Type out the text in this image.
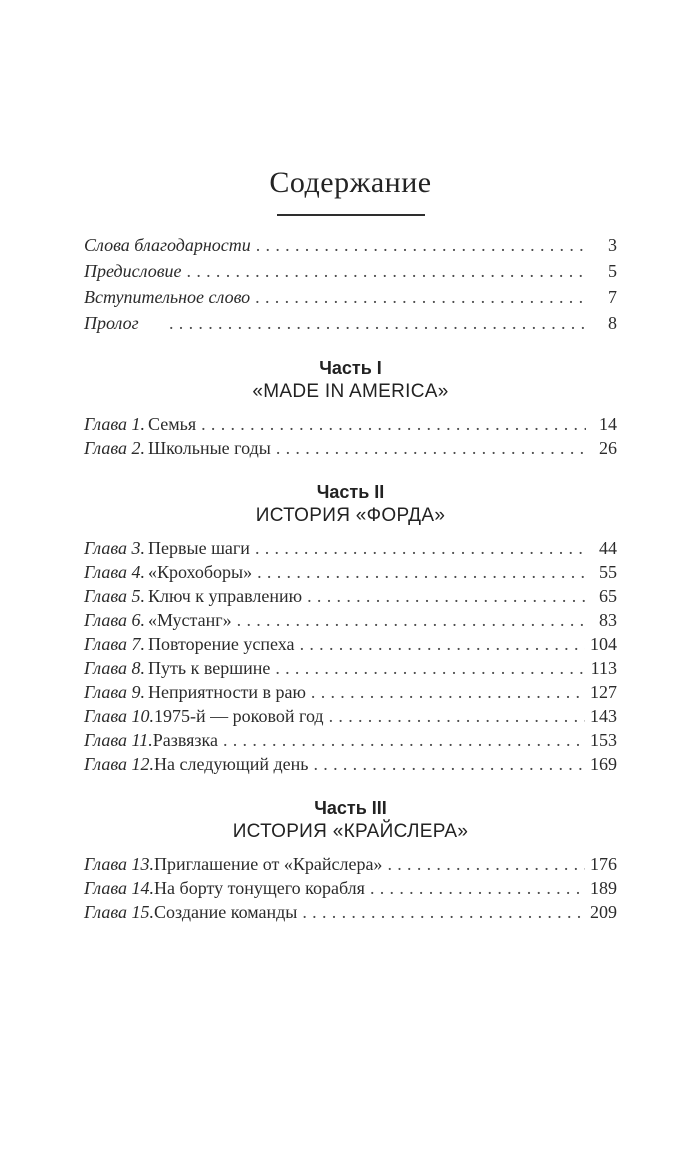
Содержание
Слова благодарности . . .	3
Предисловие . . .	5
Вступительное слово . . .	7
Пролог . . .	8
Часть I
«MADE IN AMERICA»
Глава 1. Семья . . .	14
Глава 2. Школьные годы . . .	26
Часть II
ИСТОРИЯ «ФОРДА»
Глава 3. Первые шаги . . .	44
Глава 4. «Крохоборы» . . .	55
Глава 5. Ключ к управлению . . .	65
Глава 6. «Мустанг» . . .	83
Глава 7. Повторение успеха . . .	104
Глава 8. Путь к вершине . . .	113
Глава 9. Неприятности в раю . . .	127
Глава 10. 1975-й — роковой год . . .	143
Глава 11. Развязка . . .	153
Глава 12. На следующий день . . .	169
Часть III
ИСТОРИЯ «КРАЙСЛЕРА»
Глава 13. Приглашение от «Крайслера» . . .	176
Глава 14. На борту тонущего корабля . . .	189
Глава 15. Создание команды . . .	209
